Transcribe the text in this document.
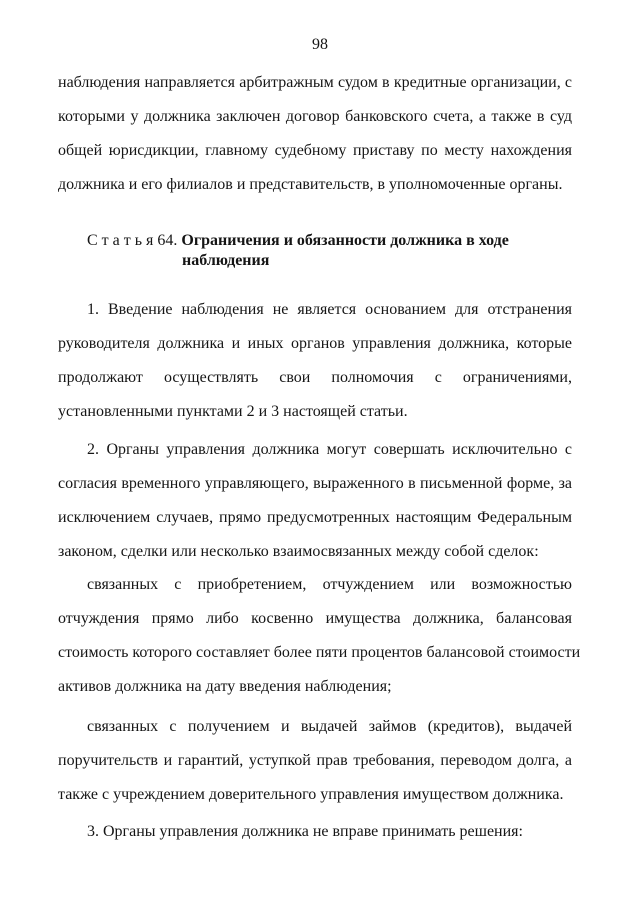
98
наблюдения направляется арбитражным судом в кредитные организации, с
которыми у должника заключен договор банковского счета, а также в суд
общей юрисдикции, главному судебному приставу по месту нахождения
должника и его филиалов и представительств, в уполномоченные органы.
С т а т ь я 64. Ограничения и обязанности должника в ходе
наблюдения
1. Введение наблюдения не является основанием для отстранения
руководителя должника и иных органов управления должника, которые
продолжают осуществлять свои полномочия с ограничениями,
установленными пунктами 2 и 3 настоящей статьи.
2. Органы управления должника могут совершать исключительно с
согласия временного управляющего, выраженного в письменной форме, за
исключением случаев, прямо предусмотренных настоящим Федеральным
законом, сделки или несколько взаимосвязанных между собой сделок:
связанных с приобретением, отчуждением или возможностью
отчуждения прямо либо косвенно имущества должника, балансовая
стоимость которого составляет более пяти процентов балансовой стоимости
активов должника на дату введения наблюдения;
связанных с получением и выдачей займов (кредитов), выдачей
поручительств и гарантий, уступкой прав требования, переводом долга, а
также с учреждением доверительного управления имуществом должника.
3. Органы управления должника не вправе принимать решения:
